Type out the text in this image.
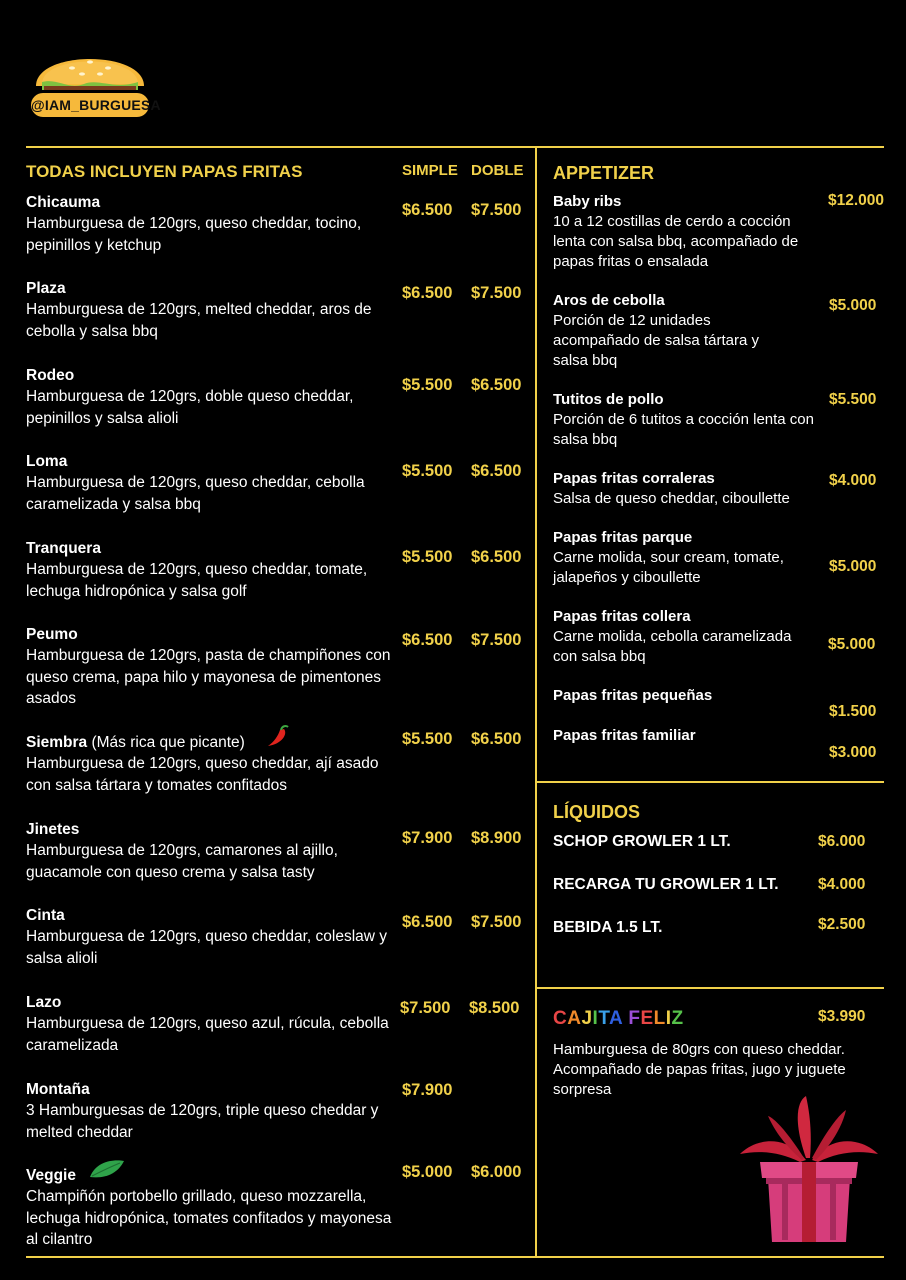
@IAM_BURGUESA
TODAS INCLUYEN PAPAS FRITAS	SIMPLE DOBLE
Chicauma
Hamburguesa de 120grs, queso cheddar, tocino, pepinillos y ketchup
$6.500 $7.500
Plaza
Hamburguesa de 120grs, melted cheddar, aros de cebolla y salsa bbq
$6.500 $7.500
Rodeo
Hamburguesa de 120grs, doble queso cheddar, pepinillos y salsa alioli
$5.500 $6.500
Loma
Hamburguesa de 120grs, queso cheddar, cebolla caramelizada y salsa bbq
$5.500 $6.500
Tranquera
Hamburguesa de 120grs, queso cheddar, tomate, lechuga hidropónica y salsa golf
$5.500 $6.500
Peumo
Hamburguesa de 120grs, pasta de champiñones con queso crema, papa hilo y mayonesa de pimentones asados
$6.500 $7.500
Siembra (Más rica que picante)
Hamburguesa de 120grs, queso cheddar, ají asado con salsa tártara y tomates confitados
$5.500 $6.500
Jinetes
Hamburguesa de 120grs, camarones al ajillo, guacamole con queso crema y salsa tasty
$7.900 $8.900
Cinta
Hamburguesa de 120grs, queso cheddar, coleslaw y salsa alioli
$6.500 $7.500
Lazo
Hamburguesa de 120grs, queso azul, rúcula, cebolla caramelizada
$7.500 $8.500
Montaña
3 Hamburguesas de 120grs, triple queso cheddar y melted cheddar
$7.900
Veggie
Champiñón portobello grillado, queso mozzarella, lechuga hidropónica, tomates confitados y mayonesa al cilantro
$5.000 $6.000
APPETIZER
Baby ribs
10 a 12 costillas de cerdo a cocción lenta con salsa bbq, acompañado de papas fritas o ensalada
$12.000
Aros de cebolla
Porción de 12 unidades acompañado de salsa tártara y salsa bbq
$5.000
Tutitos de pollo
Porción de 6 tutitos a cocción lenta con salsa bbq
$5.500
Papas fritas corraleras
Salsa de queso cheddar, ciboullette
$4.000
Papas fritas parque
Carne molida, sour cream, tomate, jalapeños y ciboullette
$5.000
Papas fritas collera
Carne molida, cebolla caramelizada con salsa bbq
$5.000
Papas fritas pequeñas
$1.500
Papas fritas familiar
$3.000
LÍQUIDOS
SCHOP GROWLER 1 LT.	$6.000
RECARGA TU GROWLER 1 LT.	$4.000
BEBIDA 1.5 LT.	$2.500
CAJITA FELIZ	$3.990
Hamburguesa de 80grs con queso cheddar. Acompañado de papas fritas, jugo y juguete sorpresa
